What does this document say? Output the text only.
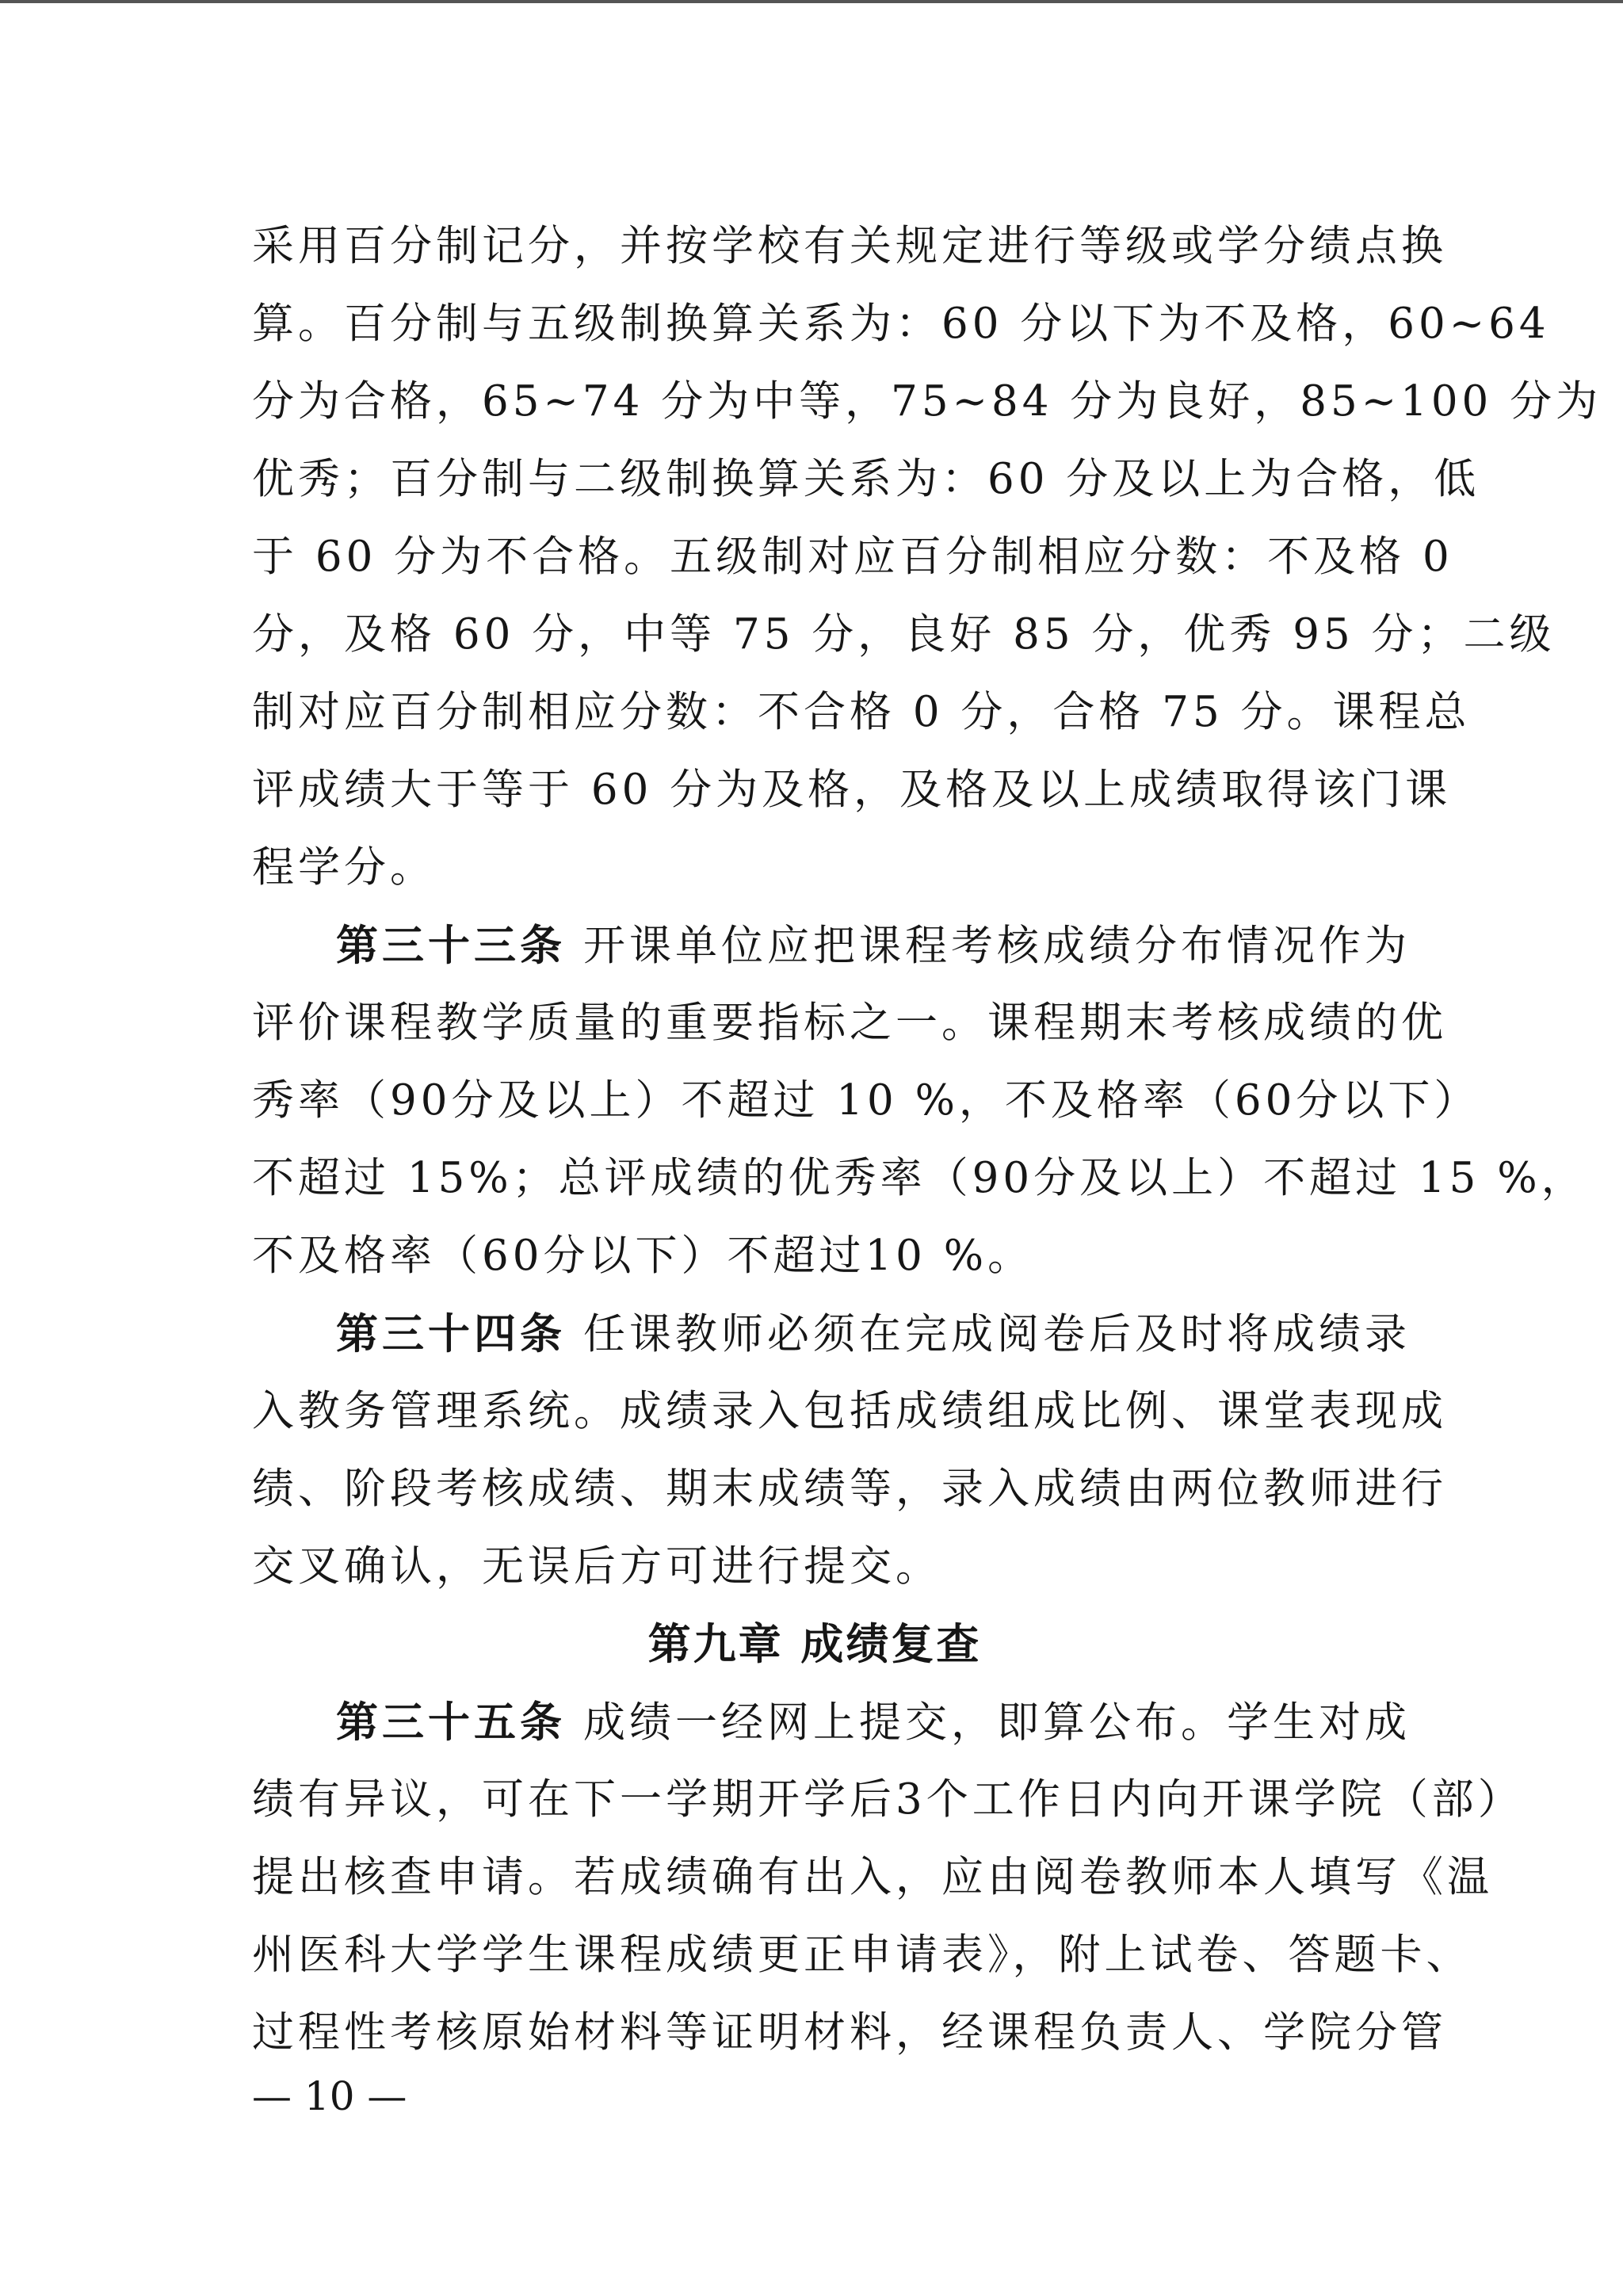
采用百分制记分，并按学校有关规定进行等级或学分绩点换
算。百分制与五级制换算关系为：60 分以下为不及格，60~64
分为合格，65~74 分为中等，75~84 分为良好，85~100 分为
优秀；百分制与二级制换算关系为：60 分及以上为合格，低
于 60 分为不合格。五级制对应百分制相应分数：不及格 0
分，及格 60 分，中等 75 分，良好 85 分，优秀 95 分；二级
制对应百分制相应分数：不合格 0 分，合格 75 分。课程总
评成绩大于等于 60 分为及格，及格及以上成绩取得该门课
程学分。
第三十三条 开课单位应把课程考核成绩分布情况作为
评价课程教学质量的重要指标之一。课程期末考核成绩的优
秀率（90分及以上）不超过 10 %，不及格率（60分以下）
不超过 15%；总评成绩的优秀率（90分及以上）不超过 15 %，
不及格率（60分以下）不超过10 %。
第三十四条 任课教师必须在完成阅卷后及时将成绩录
入教务管理系统。成绩录入包括成绩组成比例、课堂表现成
绩、阶段考核成绩、期末成绩等，录入成绩由两位教师进行
交叉确认，无误后方可进行提交。
第九章 成绩复查
第三十五条 成绩一经网上提交，即算公布。学生对成
绩有异议，可在下一学期开学后3个工作日内向开课学院（部）
提出核查申请。若成绩确有出入，应由阅卷教师本人填写《温
州医科大学学生课程成绩更正申请表》，附上试卷、答题卡、
过程性考核原始材料等证明材料，经课程负责人、学院分管
— 10 —
